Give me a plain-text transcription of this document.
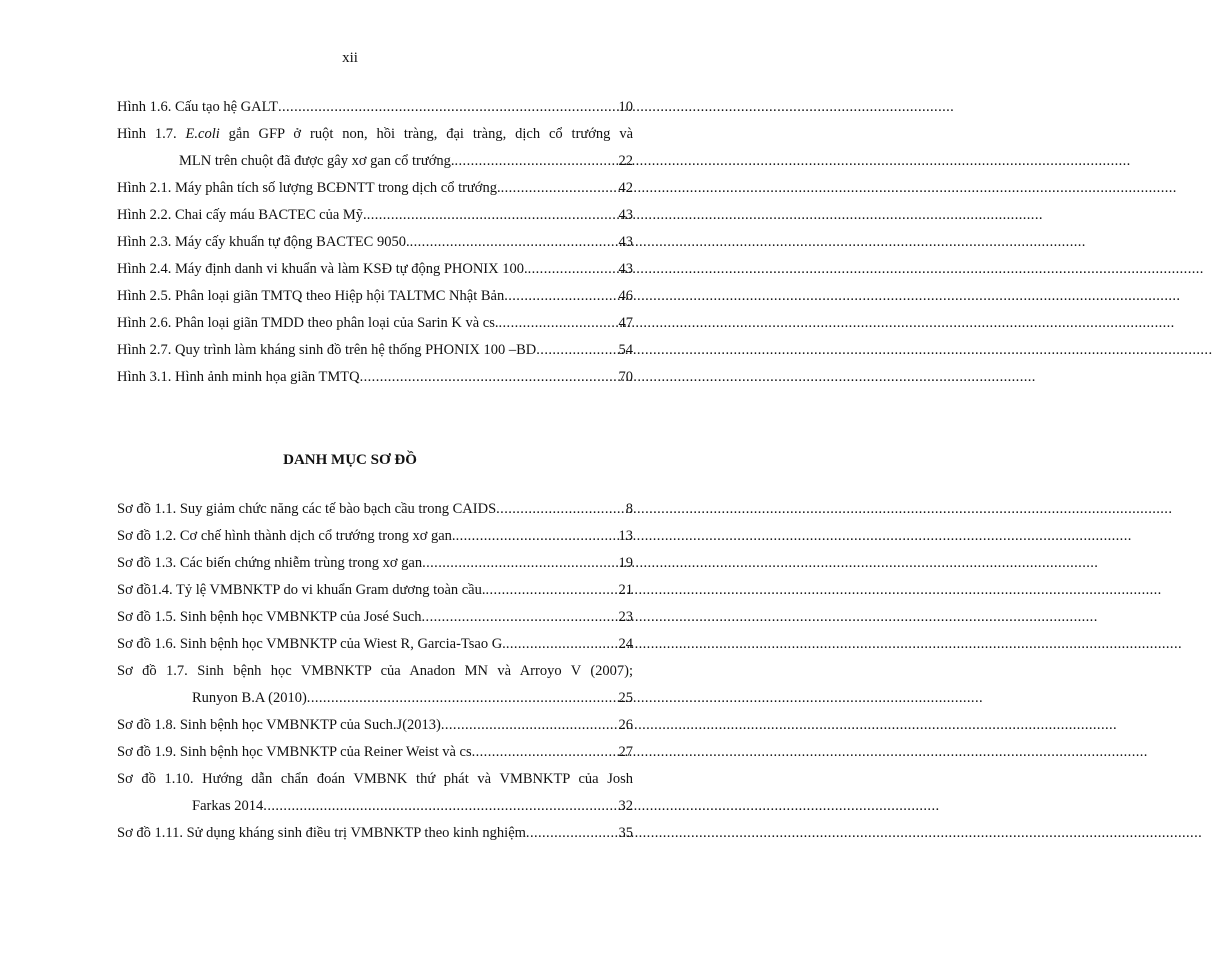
xii
Hình 1.6. Cấu tạo hệ GALT .....	10
Hình 1.7. E.coli gắn GFP ở ruột non, hồi tràng, đại tràng, dịch cổ trướng và
MLN trên chuột đã được gây xơ gan cổ trướng. .....	22
Hình 2.1. Máy phân tích số lượng BCĐNTT trong dịch cổ trướng. .....	42
Hình 2.2. Chai cấy máu BACTEC của Mỹ. .....	43
Hình 2.3. Máy cấy khuẩn tự động BACTEC 9050. .....	43
Hình 2.4. Máy định danh vi khuẩn và làm KSĐ tự động PHONIX 100. .....	43
Hình 2.5. Phân loại giãn TMTQ theo Hiệp hội TALTMC Nhật Bản .....	46
Hình 2.6. Phân loại giãn TMDD theo phân loại của Sarin K và cs. .....	47
Hình 2.7. Quy trình làm kháng sinh đồ trên hệ thống PHONIX 100 –BD .....	54
Hình 3.1. Hình ảnh minh họa giãn TMTQ .....	70
DANH MỤC SƠ ĐỒ
Sơ đồ 1.1. Suy giảm chức năng các tế bào bạch cầu trong CAIDS .....	8
Sơ đồ 1.2. Cơ chế hình thành dịch cổ trướng trong xơ gan. .....	13
Sơ đồ 1.3. Các biến chứng nhiễm trùng trong xơ gan .....	19
Sơ đồ1.4. Tỷ lệ VMBNKTP do vi khuẩn Gram dương toàn cầu. .....	21
Sơ đồ 1.5. Sinh bệnh học VMBNKTP của José Such .....	23
Sơ đồ 1.6. Sinh bệnh học VMBNKTP của Wiest R, Garcia-Tsao G. .....	24
Sơ đồ 1.7. Sinh bệnh học VMBNKTP của Anadon MN và Arroyo V (2007);
Runyon B.A (2010) .....	25
Sơ đồ 1.8. Sinh bệnh học VMBNKTP của Such.J(2013) .....	26
Sơ đồ 1.9. Sinh bệnh học VMBNKTP của Reiner Weist và cs .....	27
Sơ đồ 1.10. Hướng dẫn chẩn đoán VMBNK thứ phát và VMBNKTP của Josh
Farkas 2014 .....	32
Sơ đồ 1.11. Sử dụng kháng sinh điều trị VMBNKTP theo kinh nghiệm .....	35
